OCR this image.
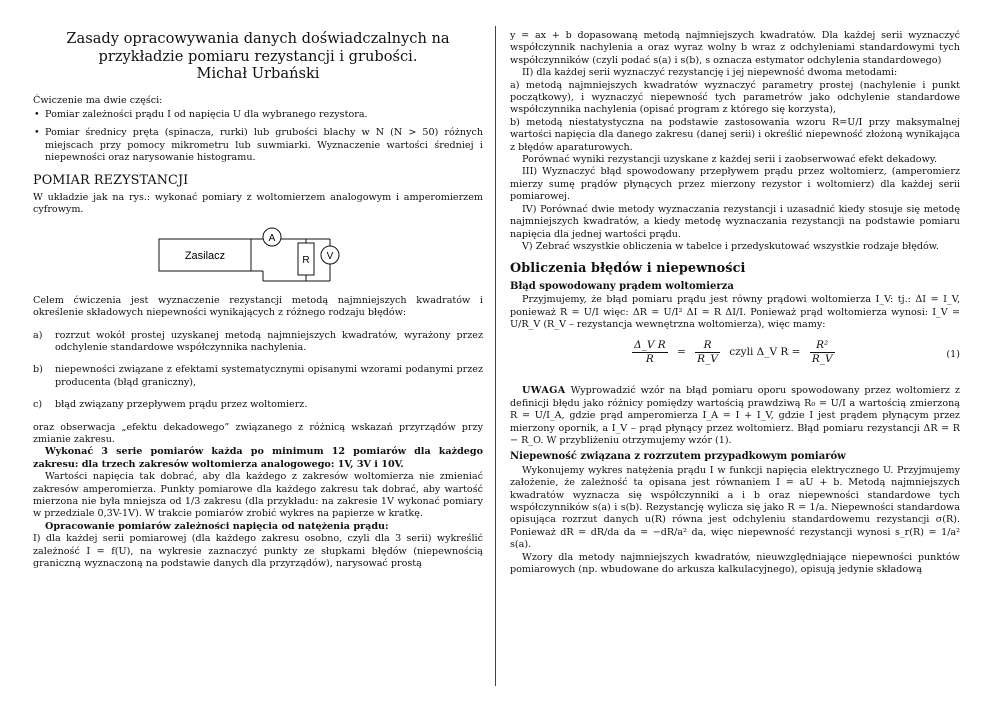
Zasady opracowywania danych doświadczalnych na
przykładzie pomiaru rezystancji i grubości.
Michał Urbański

Ćwiczenie ma dwie części:

• Pomiar zależności prądu I od napięcia U dla wybranego rezystora.
• Pomiar średnicy pręta (spinacza, rurki) lub grubości blachy w N (N > 50) różnych miejscach przy pomocy mikrometru lub suwmiarki. Wyznaczenie wartości średniej i niepewności oraz narysowanie histogramu.
POMIAR REZYSTANCJI

W układzie jak na rys.: wykonać pomiary z woltomierzem analogowym i amperomierzem cyfrowym.

Zasilacz
A
R V

Celem ćwiczenia jest wyznaczenie rezystancji metodą najmniejszych kwadratów i określenie składowych niepewności wynikających z różnego rodzaju błędów:

a) rozrzut wokół prostej uzyskanej metodą najmniejszych kwadratów, wyrażony przez odchylenie standardowe współczynnika nachylenia.
b) niepewności związane z efektami systematycznymi opisanymi wzorami podanymi przez producenta (błąd graniczny),
c) błąd związany przepływem prądu przez woltomierz.

oraz obserwacja „efektu dekadowego” związanego z różnicą wskazań przyrządów przy zmianie zakresu.

Wykonać 3 serie pomiarów każda po minimum 12 pomiarów dla każdego zakresu: dla trzech zakresów woltomierza analogowego: 1V, 3V i 10V.

Wartości napięcia tak dobrać, aby dla każdego z zakresów woltomierza nie zmieniać zakresów amperomierza. Punkty pomiarowe dla każdego zakresu tak dobrać, aby wartość mierzona nie była mniejsza od 1/3 zakresu (dla przykładu: na zakresie 1V wykonać pomiary w przedziale 0,3V-1V). W trakcie pomiarów zrobić wykres na papierze w kratkę.

Opracowanie pomiarów zależności napięcia od natężenia prądu:

I) dla każdej serii pomiarowej (dla każdego zakresu osobno, czyli dla 3 serii) wykreślić zależność I = f(U), na wykresie zaznaczyć punkty ze słupkami błędów (niepewnością graniczną wyznaczoną na podstawie danych dla przyrządów), narysować prostą

y = ax + b dopasowaną metodą najmniejszych kwadratów. Dla każdej serii wyznaczyć współczynnik nachylenia a oraz wyraz wolny b wraz z odchyleniami standardowymi tych współczynników (czyli podać s(a) i s(b), s oznacza estymator odchylenia standardowego)

II) dla każdej serii wyznaczyć rezystancję i jej niepewność dwoma metodami:

a) metodą najmniejszych kwadratów wyznaczyć parametry prostej (nachylenie i punkt początkowy), i wyznaczyć niepewność tych parametrów jako odchylenie standardowe współczynnika nachylenia (opisać program z którego się korzysta),

b) metodą niestatystyczna na podstawie zastosowania wzoru R=U/I przy maksymalnej wartości napięcia dla danego zakresu (danej serii) i określić niepewność złożoną wynikająca z błędów aparaturowych.

Porównać wyniki rezystancji uzyskane z każdej serii i zaobserwować efekt dekadowy.

III) Wyznaczyć błąd spowodowany przepływem prądu przez woltomierz, (amperomierz mierzy sumę prądów płynących przez mierzony rezystor i woltomierz) dla każdej serii pomiarowej.

IV) Porównać dwie metody wyznaczania rezystancji i uzasadnić kiedy stosuje się metodę najmniejszych kwadratów, a kiedy metodę wyznaczania rezystancji na podstawie pomiaru napięcia dla jednej wartości prądu.

V) Zebrać wszystkie obliczenia w tabelce i przedyskutować wszystkie rodzaje błędów.

Obliczenia błędów i niepewności
Błąd spowodowany prądem woltomierza

Przyjmujemy, że błąd pomiaru prądu jest równy prądowi woltomierza I_V: tj.: ΔI = I_V, ponieważ R = U/I więc: ΔR = U/I² ΔI = R ΔI/I. Ponieważ prąd woltomierza wynosi: I_V = U/R_V (R_V – rezystancja wewnętrzna woltomierza), więc mamy:

$\frac{\text{Δ\_V R}}{R} = \frac{R}{R\_V}$ czyli Δ_V $R = \frac{\text{R²}}{R\_V}$	(1)

UWAGA Wyprowadzić wzór na błąd pomiaru oporu spowodowany przez woltomierz z definicji błędu jako różnicy pomiędzy wartością prawdziwą R₀ = U/I a wartością zmierzoną R = U/I_A, gdzie prąd amperomierza I_A = I + I_V, gdzie I jest prądem płynącym przez mierzony opornik, a I_V – prąd płynący przez woltomierz. Błąd pomiaru rezystancji ΔR = R − R_O. W przybliżeniu otrzymujemy wzór (1).

Niepewność związana z rozrzutem przypadkowym pomiarów

Wykonujemy wykres natężenia prądu I w funkcji napięcia elektrycznego U. Przyjmujemy założenie, że zależność ta opisana jest równaniem I = aU + b. Metodą najmniejszych kwadratów wyznacza się współczynniki a i b oraz niepewności standardowe tych współczynników s(a) i s(b). Rezystancję wylicza się jako R = 1/a. Niepewności standardowa opisująca rozrzut danych u(R) równa jest odchyleniu standardowemu rezystancji σ(R). Ponieważ dR = dR/da da = −dR/a² da, więc niepewność rezystancji wynosi s_r(R) = 1/a² s(a).

Wzory dla metody najmniejszych kwadratów, nieuwzględniające niepewności punktów pomiarowych (np. wbudowane do arkusza kalkulacyjnego), opisują jedynie składową
